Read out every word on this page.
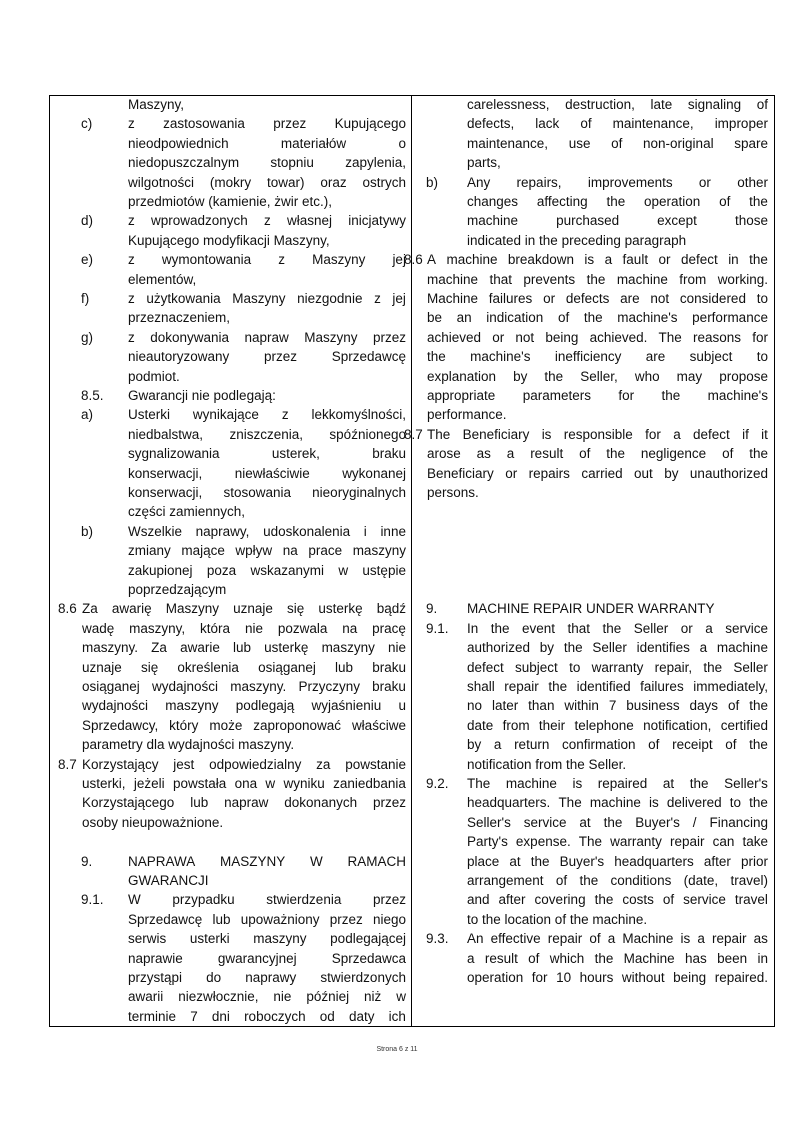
Maszyny,
c)	z zastosowania przez Kupującego
nieodpowiednich	materiałów	o
niedopuszczalnym stopniu zapylenia,
wilgotności (mokry towar) oraz ostrych
przedmiotów (kamienie, żwir etc.),
d)	z wprowadzonych z własnej inicjatywy
Kupującego modyfikacji Maszyny,
e)	z wymontowania z Maszyny jej
elementów,
f)	z użytkowania Maszyny niezgodnie z jej
przeznaczeniem,
g)	z dokonywania napraw Maszyny przez
nieautoryzowany	przez	Sprzedawcę
podmiot.
8.5. Gwarancji nie podlegają:
a)	Usterki wynikające z lekkomyślności,
niedbalstwa, zniszczenia, spóźnionego
sygnalizowania	usterek,	braku
konserwacji, niewłaściwie wykonanej
konserwacji, stosowania nieoryginalnych
części zamiennych,
b)	Wszelkie naprawy, udoskonalenia i inne
zmiany mające wpływ na prace maszyny
zakupionej poza wskazanymi w ustępie
poprzedzającym
8.6 Za awarię Maszyny uznaje się usterkę bądź
wadę maszyny, która nie pozwala na pracę
maszyny. Za awarie lub usterkę maszyny nie
uznaje się określenia osiąganej lub braku
osiąganej wydajności maszyny. Przyczyny braku
wydajności maszyny podlegają wyjaśnieniu u
Sprzedawcy, który może zaproponować właściwe
parametry dla wydajności maszyny.
8.7 Korzystający jest odpowiedzialny za powstanie
usterki, jeżeli powstała ona w wyniku zaniedbania
Korzystającego lub napraw dokonanych przez
osoby nieupoważnione.
9.	NAPRAWA MASZYNY W RAMACH
GWARANCJI
9.1. W przypadku stwierdzenia przez
Sprzedawcę lub upoważniony przez niego
serwis usterki maszyny podlegającej
naprawie	gwarancyjnej	Sprzedawca
przystąpi do naprawy stwierdzonych
awarii niezwłocznie, nie później niż w
terminie 7 dni roboczych od daty ich
carelessness, destruction, late signaling of
defects, lack of maintenance, improper
maintenance, use of non-original spare
parts,
b) Any repairs, improvements or other
changes affecting the operation of the
machine	purchased	except	those
indicated in the preceding paragraph
8.6 A machine breakdown is a fault or defect in the
machine that prevents the machine from working.
Machine failures or defects are not considered to
be an indication of the machine's performance
achieved or not being achieved. The reasons for
the machine's inefficiency are subject to
explanation by the Seller, who may propose
appropriate parameters for the machine's
performance.
8.7 The Beneficiary is responsible for a defect if it
arose as a result of the negligence of the
Beneficiary or repairs carried out by unauthorized
persons.
9. MACHINE REPAIR UNDER WARRANTY
9.1. In the event that the Seller or a service
authorized by the Seller identifies a machine
defect subject to warranty repair, the Seller
shall repair the identified failures immediately,
no later than within 7 business days of the
date from their telephone notification, certified
by a return confirmation of receipt of the
notification from the Seller.
9.2. The machine is repaired at the Seller's
headquarters. The machine is delivered to the
Seller's service at the Buyer's / Financing
Party's expense. The warranty repair can take
place at the Buyer's headquarters after prior
arrangement of the conditions (date, travel)
and after covering the costs of service travel
to the location of the machine.
9.3. An effective repair of a Machine is a repair as
a result of which the Machine has been in
operation for 10 hours without being repaired.
Strona 6 z 11
